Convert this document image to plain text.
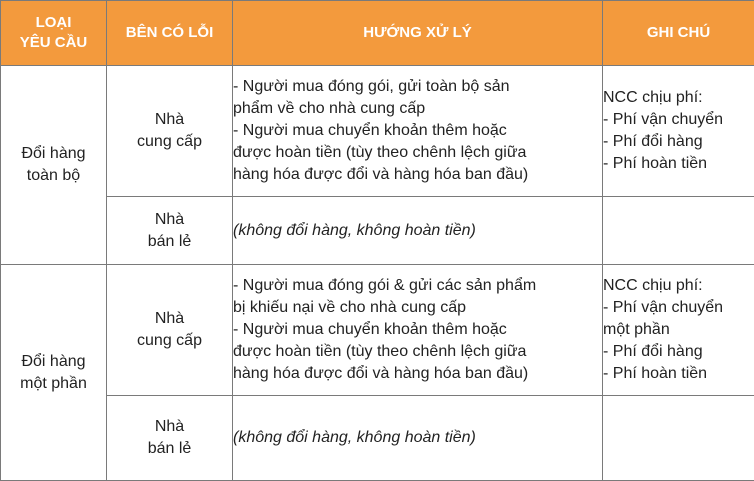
LOẠI
YÊU CẦU	BÊN CÓ LỖI	HƯỚNG XỬ LÝ	GHI CHÚ

Đổi hàng
toàn bộ	Nhà
cung cấp	- Người mua đóng gói, gửi toàn bộ sản
phẩm về cho nhà cung cấp
- Người mua chuyển khoản thêm hoặc
được hoàn tiền (tùy theo chênh lệch giữa
hàng hóa được đổi và hàng hóa ban đầu)	NCC chịu phí:
- Phí vận chuyển
- Phí đổi hàng
- Phí hoàn tiền

	Nhà
bán lẻ	(không đổi hàng, không hoàn tiền)	

Đổi hàng
một phần	Nhà
cung cấp	- Người mua đóng gói & gửi các sản phẩm
bị khiếu nại về cho nhà cung cấp
- Người mua chuyển khoản thêm hoặc
được hoàn tiền (tùy theo chênh lệch giữa
hàng hóa được đổi và hàng hóa ban đầu)	NCC chịu phí:
- Phí vận chuyển
một phần
- Phí đổi hàng
- Phí hoàn tiền

	Nhà
bán lẻ	(không đổi hàng, không hoàn tiền)	
